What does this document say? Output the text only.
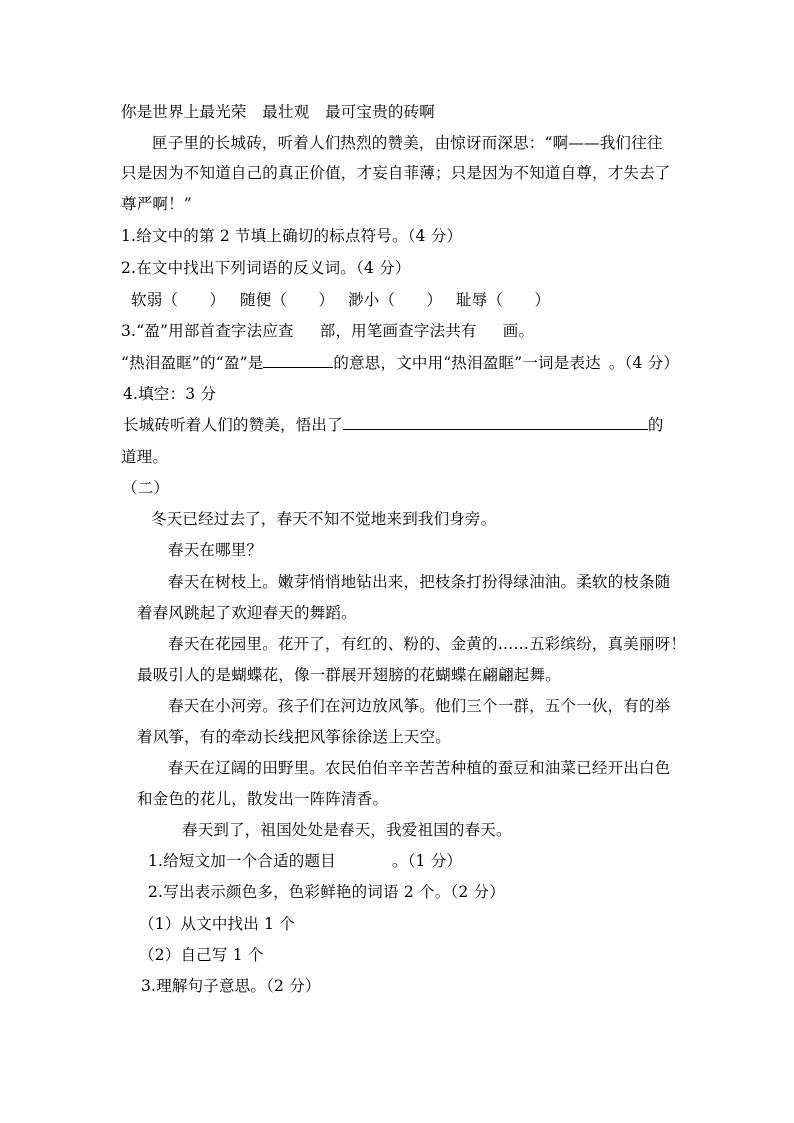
你是世界上最光荣　最壮观　最可宝贵的砖啊
匣子里的长城砖，听着人们热烈的赞美，由惊讶而深思：“啊——我们往往
只是因为不知道自己的真正价值，才妄自菲薄；只是因为不知道自尊，才失去了
尊严啊！”
1.给文中的第 2 节填上确切的标点符号。（4 分）
2.在文中找出下列词语的反义词。（4 分）
软弱（　　） 随便（　　） 渺小（　　） 耻辱（　　）
3.“盈”用部首查字法应查 部，用笔画查字法共有 画。
“热泪盈眶”的“盈”是	的意思，文中用“热泪盈眶”一词是表达 。（4 分）
4.填空：3 分
长城砖听着人们的赞美，悟出了	的
道理。
（二）
冬天已经过去了，春天不知不觉地来到我们身旁。
春天在哪里？
春天在树枝上。嫩芽悄悄地钻出来，把枝条打扮得绿油油。柔软的枝条随
着春风跳起了欢迎春天的舞蹈。
春天在花园里。花开了，有红的、粉的、金黄的……五彩缤纷，真美丽呀！
最吸引人的是蝴蝶花，像一群展开翅膀的花蝴蝶在翩翩起舞。
春天在小河旁。孩子们在河边放风筝。他们三个一群，五个一伙，有的举
着风筝，有的牵动长线把风筝徐徐送上天空。
春天在辽阔的田野里。农民伯伯辛辛苦苦种植的蚕豆和油菜已经开出白色
和金色的花儿，散发出一阵阵清香。
春天到了，祖国处处是春天，我爱祖国的春天。
1.给短文加一个合适的题目	。（1 分）
2.写出表示颜色多，色彩鲜艳的词语 2 个。（2 分）
（1）从文中找出 1 个
（2）自己写 1 个
3.理解句子意思。（2 分）
